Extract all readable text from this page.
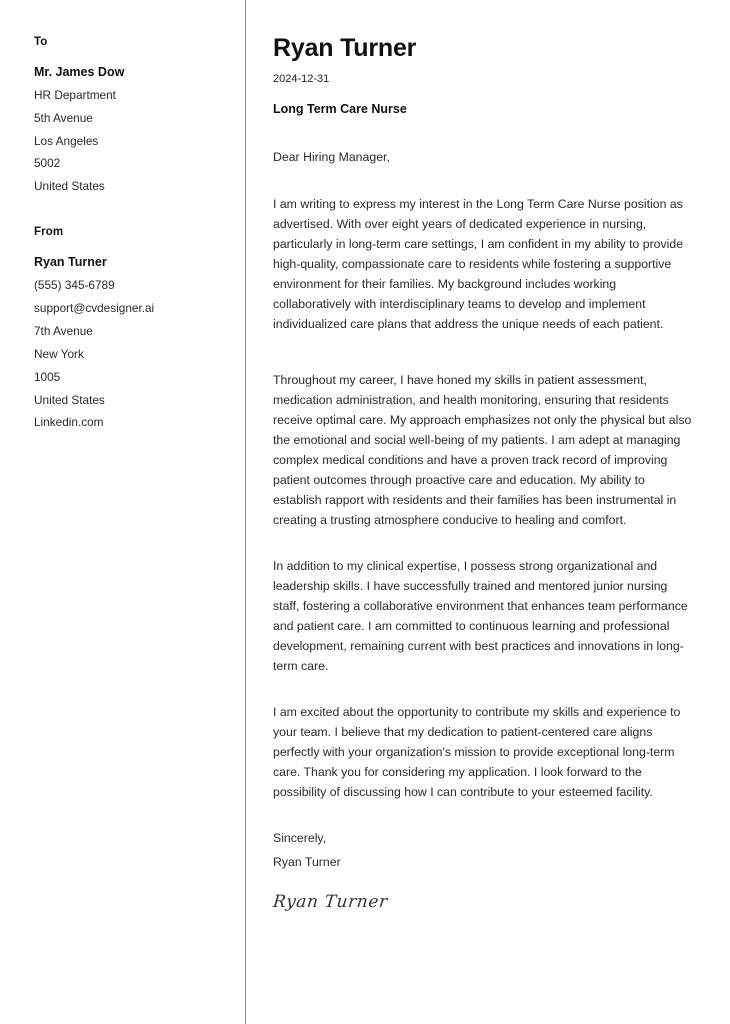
To
Mr. James Dow
HR Department
5th Avenue
Los Angeles
5002
United States
From
Ryan Turner
(555) 345-6789
support@cvdesigner.ai
7th Avenue
New York
1005
United States
Linkedin.com
Ryan Turner
2024-12-31
Long Term Care Nurse

Dear Hiring Manager,

I am writing to express my interest in the Long Term Care Nurse position as advertised. With over eight years of dedicated experience in nursing, particularly in long-term care settings, I am confident in my ability to provide high-quality, compassionate care to residents while fostering a supportive environment for their families. My background includes working collaboratively with interdisciplinary teams to develop and implement individualized care plans that address the unique needs of each patient.

Throughout my career, I have honed my skills in patient assessment, medication administration, and health monitoring, ensuring that residents receive optimal care. My approach emphasizes not only the physical but also the emotional and social well-being of my patients. I am adept at managing complex medical conditions and have a proven track record of improving patient outcomes through proactive care and education. My ability to establish rapport with residents and their families has been instrumental in creating a trusting atmosphere conducive to healing and comfort.

In addition to my clinical expertise, I possess strong organizational and leadership skills. I have successfully trained and mentored junior nursing staff, fostering a collaborative environment that enhances team performance and patient care. I am committed to continuous learning and professional development, remaining current with best practices and innovations in long-term care.

I am excited about the opportunity to contribute my skills and experience to your team. I believe that my dedication to patient-centered care aligns perfectly with your organization's mission to provide exceptional long-term care. Thank you for considering my application. I look forward to the possibility of discussing how I can contribute to your esteemed facility.

Sincerely,
Ryan Turner
Ryan Turner
